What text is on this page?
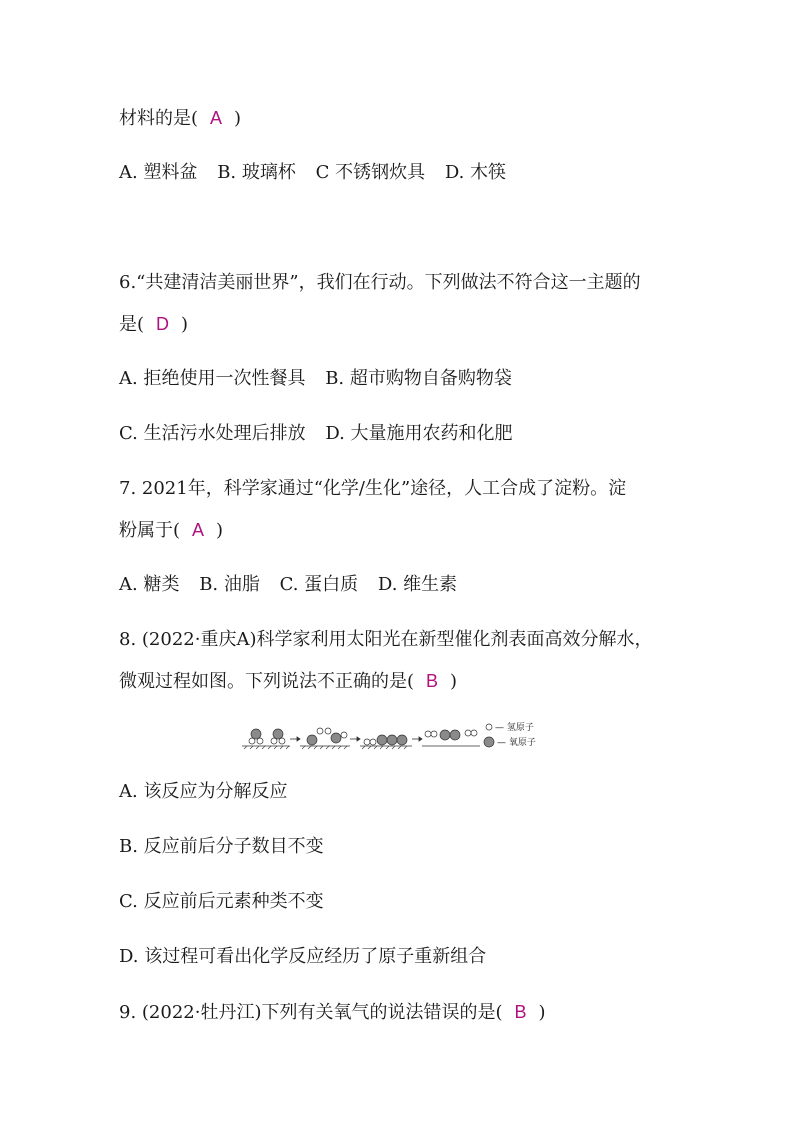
材料的是( A )
A. 塑料盆 B. 玻璃杯 C 不锈钢炊具 D. 木筷
6.“共建清洁美丽世界”，我们在行动。下列做法不符合这一主题的
是( D )
A. 拒绝使用一次性餐具 B. 超市购物自备购物袋
C. 生活污水处理后排放 D. 大量施用农药和化肥
7. 2021年，科学家通过“化学/生化”途径，人工合成了淀粉。淀
粉属于( A )
A. 糖类 B. 油脂 C. 蛋白质 D. 维生素
8. (2022·重庆A)科学家利用太阳光在新型催化剂表面高效分解水，
微观过程如图。下列说法不正确的是( B )
— 氢原子
— 氧原子
A. 该反应为分解反应
B. 反应前后分子数目不变
C. 反应前后元素种类不变
D. 该过程可看出化学反应经历了原子重新组合
9. (2022·牡丹江)下列有关氧气的说法错误的是( B )
